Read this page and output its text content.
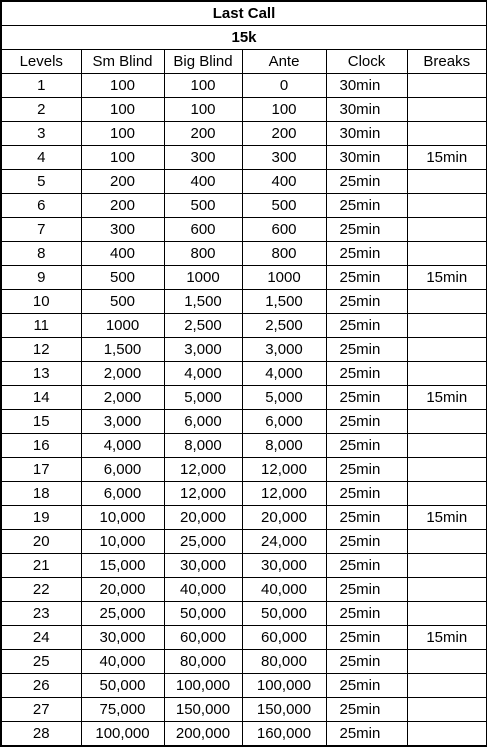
Last Call					
15k					
Levels	Sm Blind	Big Blind	Ante	Clock	Breaks
1	100	100	0	30min	
2	100	100	100	30min	
3	100	200	200	30min	
4	100	300	300	30min	15min
5	200	400	400	25min	
6	200	500	500	25min	
7	300	600	600	25min	
8	400	800	800	25min	
9	500	1000	1000	25min	15min
10	500	1,500	1,500	25min	
11	1000	2,500	2,500	25min	
12	1,500	3,000	3,000	25min	
13	2,000	4,000	4,000	25min	
14	2,000	5,000	5,000	25min	15min
15	3,000	6,000	6,000	25min	
16	4,000	8,000	8,000	25min	
17	6,000	12,000	12,000	25min	
18	6,000	12,000	12,000	25min	
19	10,000	20,000	20,000	25min	15min
20	10,000	25,000	24,000	25min	
21	15,000	30,000	30,000	25min	
22	20,000	40,000	40,000	25min	
23	25,000	50,000	50,000	25min	
24	30,000	60,000	60,000	25min	15min
25	40,000	80,000	80,000	25min	
26	50,000	100,000	100,000	25min	
27	75,000	150,000	150,000	25min	
28	100,000	200,000	160,000	25min	
